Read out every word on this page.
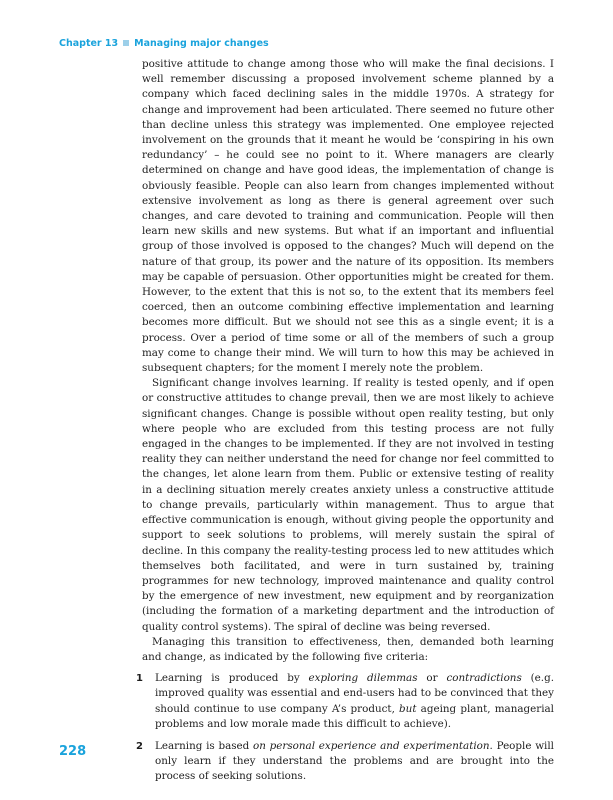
Chapter 13 Managing major changes

positive attitude to change among those who will make the final decisions. I well remember discussing a proposed involvement scheme planned by a company which faced declining sales in the middle 1970s. A strategy for change and improvement had been articulated. There seemed no future other than decline unless this strategy was implemented. One employee rejected involvement on the grounds that it meant he would be ‘conspiring in his own redundancy’ – he could see no point to it. Where managers are clearly determined on change and have good ideas, the implementation of change is obviously feasible. People can also learn from changes implemented without extensive involvement as long as there is general agreement over such changes, and care devoted to training and communication. People will then learn new skills and new systems. But what if an important and influential group of those involved is opposed to the changes? Much will depend on the nature of that group, its power and the nature of its opposition. Its members may be capable of persuasion. Other opportunities might be created for them. However, to the extent that this is not so, to the extent that its members feel coerced, then an outcome combining effective implementation and learning becomes more difficult. But we should not see this as a single event; it is a process. Over a period of time some or all of the members of such a group may come to change their mind. We will turn to how this may be achieved in subsequent chapters; for the moment I merely note the problem.

Significant change involves learning. If reality is tested openly, and if open or constructive attitudes to change prevail, then we are most likely to achieve significant changes. Change is possible without open reality testing, but only where people who are excluded from this testing process are not fully engaged in the changes to be implemented. If they are not involved in testing reality they can neither understand the need for change nor feel committed to the changes, let alone learn from them. Public or extensive testing of reality in a declining situation merely creates anxiety unless a constructive attitude to change prevails, particularly within management. Thus to argue that effective communication is enough, without giving people the opportunity and support to seek solutions to problems, will merely sustain the spiral of decline. In this company the reality-testing process led to new attitudes which themselves both facilitated, and were in turn sustained by, training programmes for new technology, improved maintenance and quality control by the emergence of new investment, new equipment and by reorganization (including the formation of a marketing department and the introduction of quality control systems). The spiral of decline was being reversed.

Managing this transition to effectiveness, then, demanded both learning and change, as indicated by the following five criteria:

1 Learning is produced by exploring dilemmas or contradictions (e.g. improved quality was essential and end-users had to be convinced that they should continue to use company A’s product, but ageing plant, managerial problems and low morale made this difficult to achieve).
2 Learning is based on personal experience and experimentation. People will only learn if they understand the problems and are brought into the process of seeking solutions.
228
